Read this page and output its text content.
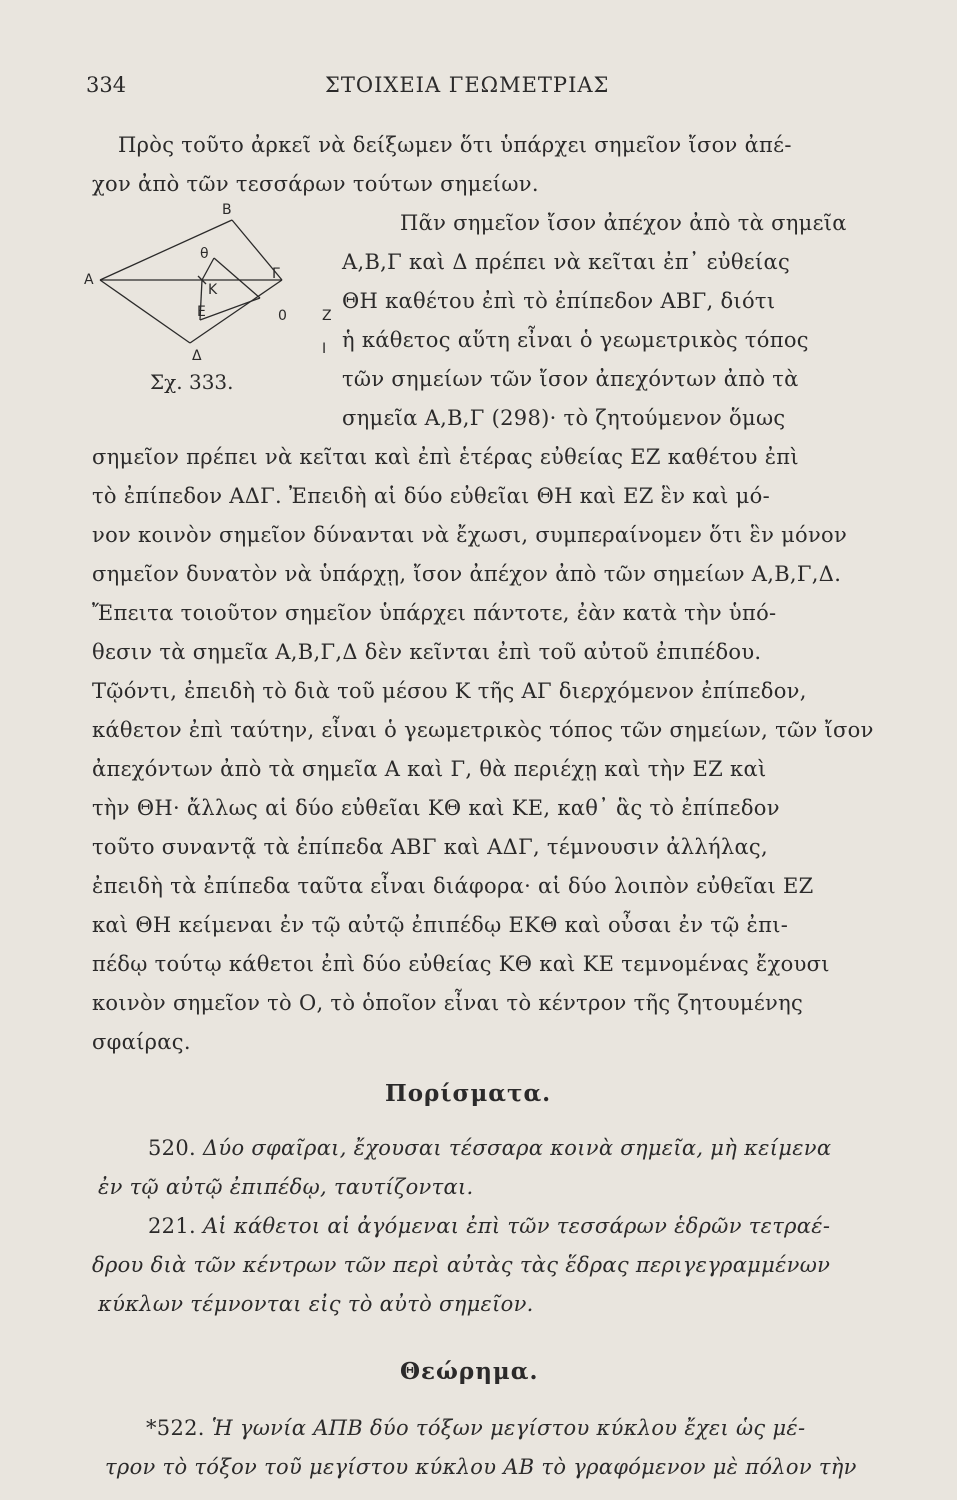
334	ΣΤΟΙΧΕΙΑ ΓΕΩΜΕΤΡΙΑΣ
Β
θ
Α
Κ
Γ
Ε	0	Ζ
Δ	Ι
Σχ. 333.
Πρὸς τοῦτο ἀρκεῖ νὰ δείξωμεν ὅτι ὑπάρχει σημεῖον ἴσον ἀπέ-
χον ἀπὸ τῶν τεσσάρων τούτων σημείων.
Πᾶν σημεῖον ἴσον ἀπέχον ἀπὸ τὰ σημεῖα
Α,Β,Γ καὶ Δ πρέπει νὰ κεῖται ἐπ᾽ εὐθείας
ΘΗ καθέτου ἐπὶ τὸ ἐπίπεδον ΑΒΓ, διότι
ἡ κάθετος αὕτη εἶναι ὁ γεωμετρικὸς τόπος
τῶν σημείων τῶν ἴσον ἀπεχόντων ἀπὸ τὰ
σημεῖα Α,Β,Γ (298)· τὸ ζητούμενον ὅμως
σημεῖον πρέπει νὰ κεῖται καὶ ἐπὶ ἑτέρας εὐθείας ΕΖ καθέτου ἐπὶ
τὸ ἐπίπεδον ΑΔΓ. Ἐπειδὴ αἱ δύο εὐθεῖαι ΘΗ καὶ ΕΖ ἓν καὶ μό-
νον κοινὸν σημεῖον δύνανται νὰ ἔχωσι, συμπεραίνομεν ὅτι ἓν μόνον
σημεῖον δυνατὸν νὰ ὑπάρχῃ, ἴσον ἀπέχον ἀπὸ τῶν σημείων Α,Β,Γ,Δ.
Ἔπειτα τοιοῦτον σημεῖον ὑπάρχει πάντοτε, ἐὰν κατὰ τὴν ὑπό-
θεσιν τὰ σημεῖα Α,Β,Γ,Δ δὲν κεῖνται ἐπὶ τοῦ αὐτοῦ ἐπιπέδου.
Τῷόντι, ἐπειδὴ τὸ διὰ τοῦ μέσου Κ τῆς ΑΓ διερχόμενον ἐπίπεδον,
κάθετον ἐπὶ ταύτην, εἶναι ὁ γεωμετρικὸς τόπος τῶν σημείων, τῶν ἴσον
ἀπεχόντων ἀπὸ τὰ σημεῖα Α καὶ Γ, θὰ περιέχῃ καὶ τὴν ΕΖ καὶ
τὴν ΘΗ· ἄλλως αἱ δύο εὐθεῖαι ΚΘ καὶ ΚΕ, καθ᾽ ἃς τὸ ἐπίπεδον
τοῦτο συναντᾷ τὰ ἐπίπεδα ΑΒΓ καὶ ΑΔΓ, τέμνουσιν ἀλλήλας,
ἐπειδὴ τὰ ἐπίπεδα ταῦτα εἶναι διάφορα· αἱ δύο λοιπὸν εὐθεῖαι ΕΖ
καὶ ΘΗ κείμεναι ἐν τῷ αὐτῷ ἐπιπέδῳ ΕΚΘ καὶ οὖσαι ἐν τῷ ἐπι-
πέδῳ τούτῳ κάθετοι ἐπὶ δύο εὐθείας ΚΘ καὶ ΚΕ τεμνομένας ἔχουσι
κοινὸν σημεῖον τὸ Ο, τὸ ὁποῖον εἶναι τὸ κέντρον τῆς ζητουμένης
σφαίρας.
Πορίσματα.
520. Δύο σφαῖραι, ἔχουσαι τέσσαρα κοινὰ σημεῖα, μὴ κείμενα
ἐν τῷ αὐτῷ ἐπιπέδῳ, ταυτίζονται.
221. Αἱ κάθετοι αἱ ἀγόμεναι ἐπὶ τῶν τεσσάρων ἑδρῶν τετραέ-
δρου διὰ τῶν κέντρων τῶν περὶ αὐτὰς τὰς ἕδρας περιγεγραμμένων
κύκλων τέμνονται εἰς τὸ αὐτὸ σημεῖον.
Θεώρημα.
*522. Ἡ γωνία ΑΠΒ δύο τόξων μεγίστου κύκλου ἔχει ὡς μέ-
τρον τὸ τόξον τοῦ μεγίστου κύκλου ΑΒ τὸ γραφόμενον μὲ πόλον τὴν
